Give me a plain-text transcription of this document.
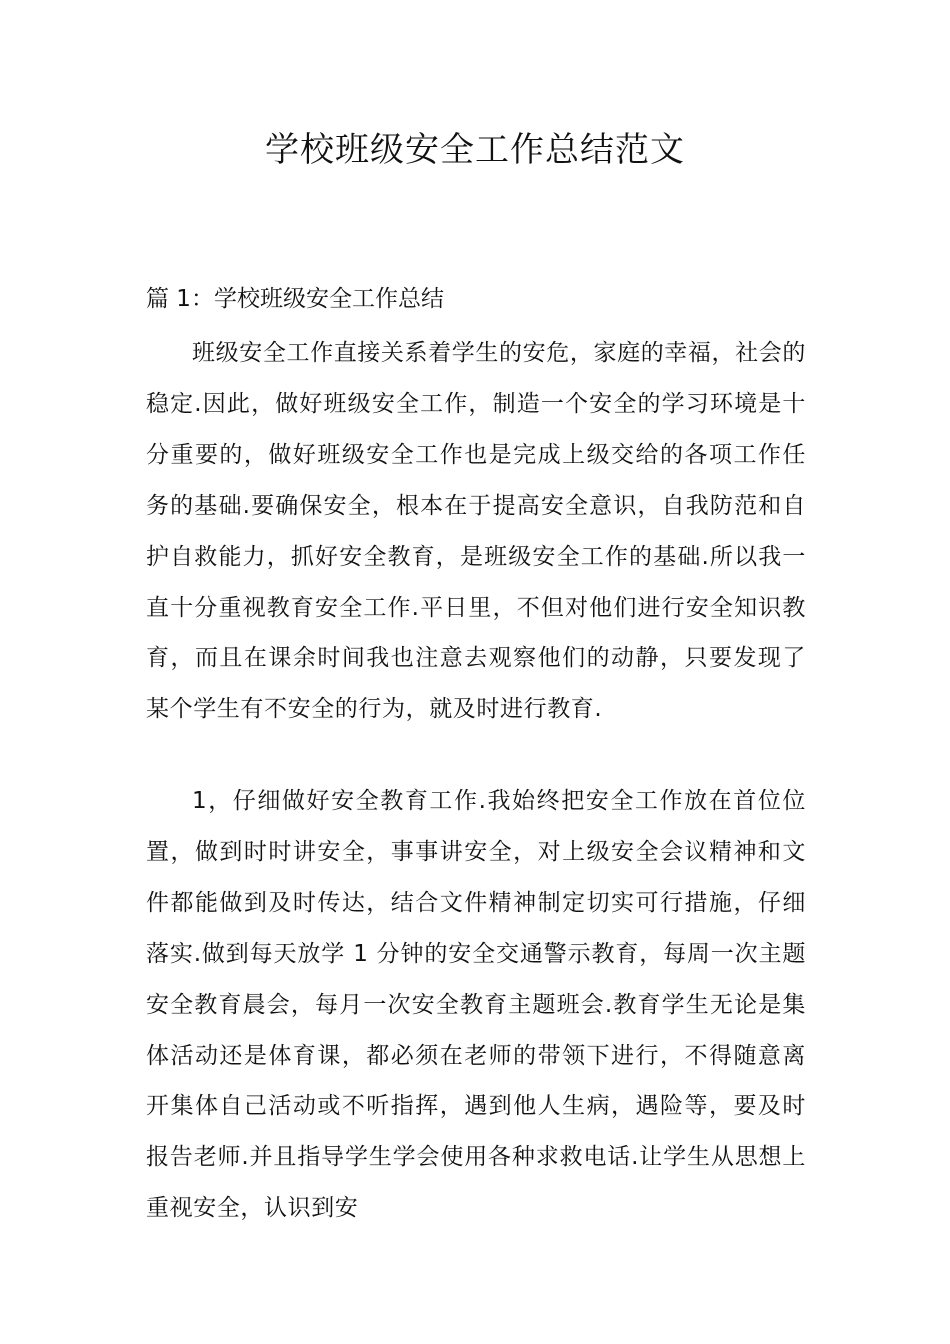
学校班级安全工作总结范文

篇 1：学校班级安全工作总结

班级安全工作直接关系着学生的安危，家庭的幸福，社会的稳定.因此，做好班级安全工作，制造一个安全的学习环境是十分重要的，做好班级安全工作也是完成上级交给的各项工作任务的基础.要确保安全，根本在于提高安全意识，自我防范和自护自救能力，抓好安全教育，是班级安全工作的基础.所以我一直十分重视教育安全工作.平日里，不但对他们进行安全知识教育，而且在课余时间我也注意去观察他们的动静，只要发现了某个学生有不安全的行为，就及时进行教育.

1，仔细做好安全教育工作.我始终把安全工作放在首位位置，做到时时讲安全，事事讲安全，对上级安全会议精神和文件都能做到及时传达，结合文件精神制定切实可行措施，仔细落实.做到每天放学 1 分钟的安全交通警示教育，每周一次主题安全教育晨会，每月一次安全教育主题班会.教育学生无论是集体活动还是体育课，都必须在老师的带领下进行，不得随意离开集体自己活动或不听指挥，遇到他人生病，遇险等，要及时报告老师.并且指导学生学会使用各种求救电话.让学生从思想上重视安全，认识到安
